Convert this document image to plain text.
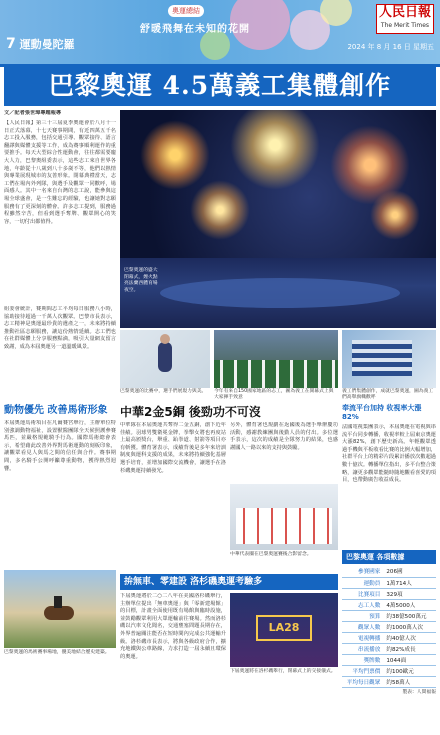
奧運總結
舒暖飛舞在未知的花開
7 運動曼陀羅
人民日報
The Merit Times
2024 年 8 月 16 日 星期五
巴黎奧運 4.5萬義工集體創作
文／記者張世璋專題報導
【人民日報】第三十三屆夏季奧運會於八月十一日正式落幕，十七天賽事期間，有近四萬五千名志工投入服務，包括交通引導、觀眾接待、語言翻譯與媒體支援等工作，成為賽事順利運作的重要推手。每天大型綜合性運動會，往往都需要龐大人力，巴黎奧組委表示，這些志工來自世界各地，年齡從十八歲到八十多歲不等，他們以熱情與專業展現城市的友善形象。閉幕典禮當天，志工們在場內外列隊，與選手及觀眾一同歡呼，場面感人。其中一名來自台灣的志工說，能參與這場全球盛會，是一生難忘的經驗，也讓她對志願服務有了更深刻的體會。許多志工提到，服務過程雖然辛苦，但看到選手奪牌、觀眾開心的笑容，一切付出都值得。
組委會統計，賽期間志工平均每日服務八小時，協助接待超過一千萬人次觀眾。巴黎市長表示，志工精神是奧運最珍貴的遺產之一，未來將持續推動社區志願服務，讓這份熱情延續。志工們也在社群媒體上分享服務點滴，吸引大量網友留言致謝，成為本屆奧運另一道溫暖風景。
巴黎奧運的盛大閉幕式，煙火點亮法蘭西體育場夜空。
巴黎奧運的比賽中，選手們展現力與美。	今年有來自150國家地區的志工，圖為義工在開幕式上與大家揮手致意
義工們集體創作，成就巴黎奧運，圖為義工們高舉旗幟歡呼
奉流平台加持 收視率大漲82%
法國電視集團表示，本屆奧運在電視與串流平台同步轉播，收視率較上屆東京奧運大漲82%，創下歷史新高。年輕觀眾透過手機與平板收看比賽的比例大幅增加，社群平台上的精彩片段累計播放次數超過數十億次。轉播單位指出，多平台整合策略，讓更多觀眾能隨時隨地觀看喜愛的項目，也帶動廣告收益成長。
動物優先 改善馬術形象
本屆奧運馬術項目在凡爾賽宮舉行，主辦單位特別強調動物福祉，設置獸醫團隊全天候照護參賽馬匹，並嚴格規範騎手行為。國際馬術總會表示，希望藉此改善外界對馬術運動的刻板印象，讓觀眾看見人與馬之間的信任與合作。賽事期間，多名騎手公開呼籲尊重動物，獲得熱烈迴響。
巴黎奧運的馬術賽事場地，優美地結合歷史建築。
中華2金5銅 後勁功不可沒
中華隊在本屆奧運共奪得二金五銅，創下近年佳績。羽球男雙衛冕金牌，拳擊女將也再度站上最高頒獎台，舉重、跆拳道、射箭等項目亦有斬獲。體育署表示，成績背後是多年來培訓制度與運科支援的成果，未來將持續強化基層選手培育，並增加國際交流機會，讓選手在洛杉磯奧運持續發光。
另外，體育署也規劃在返國後為選手舉辦慶功活動，感謝教練團與後勤人員的付出。多位選手表示，這次的成績是全隊努力的結果，也感謝國人一路以來的支持與鼓勵。
中華代表團在巴黎奧運賽後合影留念。
拚無車、零建設 洛杉磯奧運考驗多
下屆奧運將於二○二八年在美國洛杉磯舉行，主辦單位提出「無車奧運」與「零新建場館」的目標，計畫全面使用既有場館與臨時設施，並鼓勵觀眾利用大眾運輸前往賽場。然而洛杉磯以汽車文化聞名，交通壅塞問題長期存在，外界普遍關注能否在短時間內完成公共運輸升級。洛杉磯市長表示，將與各級政府合作，擴充地鐵與公車路線，力求打造一屆永續且環保的奧運。
LA28
下屆奧運將在洛杉磯舉行，閉幕式上的交接儀式。
巴黎奧運 各項數據
參賽國家	206國
運動員	1萬714人
比賽項目	329項
志工人數	4萬5000人
預算	約38億500萬元
觀眾人數	約1000萬人次
電視轉播	約40億人次
串流播放	約82%成長
獎牌數	1044面
平均門票價	約100歐元
平均每日觀眾	約58萬人
製表：人間福報
